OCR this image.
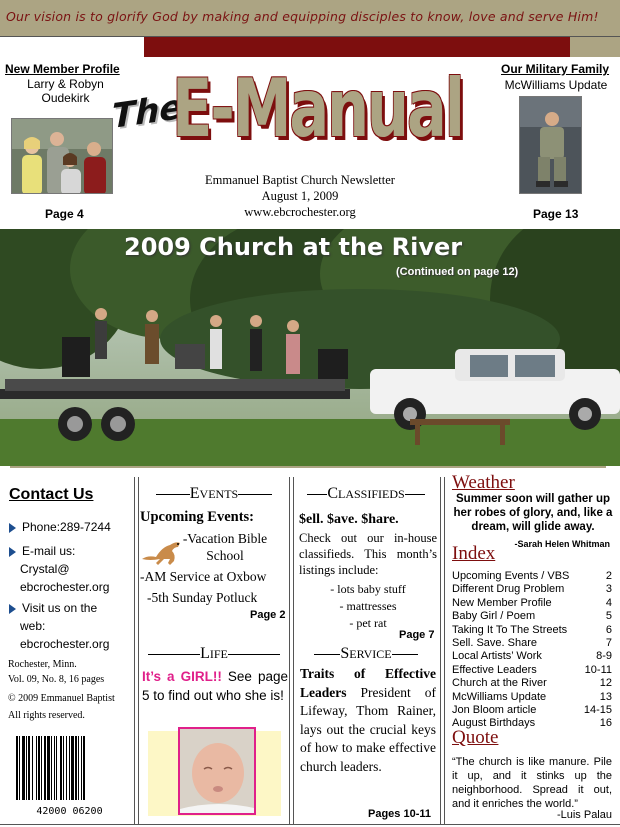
Our vision is to glorify God by making and equipping disciples to know, love and serve Him!
New Member Profile
Larry & Robyn
Oudekirk
Page 4
Our Military Family
McWilliams Update
Page 13
The
E-Manual
Emmanuel Baptist Church Newsletter
August 1, 2009
www.ebcrochester.org
2009 Church at the River
(Continued on page 12)
Contact Us
Phone:289-7244
E-mail us:
Crystal@
ebcrochester.org
Visit us on the
web:
ebcrochester.org
Rochester, Minn.
Vol. 09, No. 8, 16 pages
© 2009 Emmanuel Baptist
All rights reserved.
42000 06200
EVENTS
Upcoming Events:
-Vacation Bible
School
-AM Service at Oxbow
-5th Sunday Potluck
Page 2
LIFE
It’s a GIRL!! See page 5 to find out who she is!
CLASSIFIEDS
$ell. $ave. $hare.
Check out our in-house classifieds. This month’s listings include:
- lots baby stuff
- mattresses
- pet rat
Page 7
SERVICE
Traits of Effective Leaders President of Lifeway, Thom Rainer, lays out the crucial keys of how to make effective church leaders.
Pages 10-11
Weather
Summer soon will gather up her robes of glory, and, like a dream, will glide away.
-Sarah Helen Whitman
Index
Upcoming Events / VBS	2
Different Drug Problem	3
New Member Profile	4
Baby Girl / Poem	5
Taking It To The Streets	6
Sell. Save. Share	7
Local Artists’ Work	8-9
Effective Leaders	10-11
Church at the River	12
McWilliams Update	13
Jon Bloom article	14-15
August Birthdays	16
Quote
“The church is like manure. Pile it up, and it stinks up the neighborhood. Spread it out, and it enriches the world.”
-Luis Palau
